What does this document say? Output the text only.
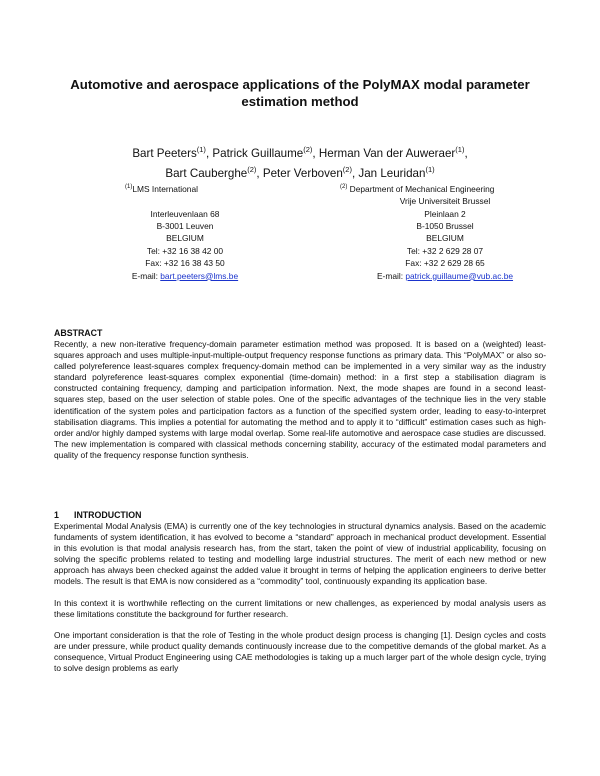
Automotive and aerospace applications of the PolyMAX modal parameter estimation method
Bart Peeters$^{(1)}$, Patrick Guillaume$^{(2)}$, Herman Van der Auweraer$^{(1)}$,
Bart Cauberghe$^{(2)}$, Peter Verboven$^{(2)}$, Jan Leuridan$^{(1)}$
$^{(1)}$LMS International
Interleuvenlaan 68
B-3001 Leuven
BELGIUM
Tel: +32 16 38 42 00
Fax: +32 16 38 43 50
E-mail: bart.peeters@lms.be
$^{(2)}$ Department of Mechanical Engineering
Vrije Universiteit Brussel
Pleinlaan 2
B-1050 Brussel
BELGIUM
Tel: +32 2 629 28 07
Fax: +32 2 629 28 65
E-mail: patrick.guillaume@vub.ac.be
ABSTRACT

Recently, a new non-iterative frequency-domain parameter estimation method was proposed. It is based on a (weighted) least-squares approach and uses multiple-input-multiple-output frequency response functions as primary data. This “PolyMAX” or also so-called polyreference least-squares complex frequency-domain method can be implemented in a very similar way as the industry standard polyreference least-squares complex exponential (time-domain) method: in a first step a stabilisation diagram is constructed containing frequency, damping and participation information. Next, the mode shapes are found in a second least-squares step, based on the user selection of stable poles. One of the specific advantages of the technique lies in the very stable identification of the system poles and participation factors as a function of the specified system order, leading to easy-to-interpret stabilisation diagrams. This implies a potential for automating the method and to apply it to “difficult” estimation cases such as high-order and/or highly damped systems with large modal overlap. Some real-life automotive and aerospace case studies are discussed. The new implementation is compared with classical methods concerning stability, accuracy of the estimated modal parameters and quality of the frequency response function synthesis.

1 INTRODUCTION

Experimental Modal Analysis (EMA) is currently one of the key technologies in structural dynamics analysis. Based on the academic fundaments of system identification, it has evolved to become a “standard” approach in mechanical product development. Essential in this evolution is that modal analysis research has, from the start, taken the point of view of industrial applicability, focusing on solving the specific problems related to testing and modelling large industrial structures. The merit of each new method or new approach has always been checked against the added value it brought in terms of helping the application engineers to derive better models. The result is that EMA is now considered as a “commodity” tool, continuously expanding its application base.

In this context it is worthwhile reflecting on the current limitations or new challenges, as experienced by modal analysis users as these limitations constitute the background for further research.

One important consideration is that the role of Testing in the whole product design process is changing [1]. Design cycles and costs are under pressure, while product quality demands continuously increase due to the competitive demands of the global market. As a consequence, Virtual Product Engineering using CAE methodologies is taking up a much larger part of the whole design cycle, trying to solve design problems as early
